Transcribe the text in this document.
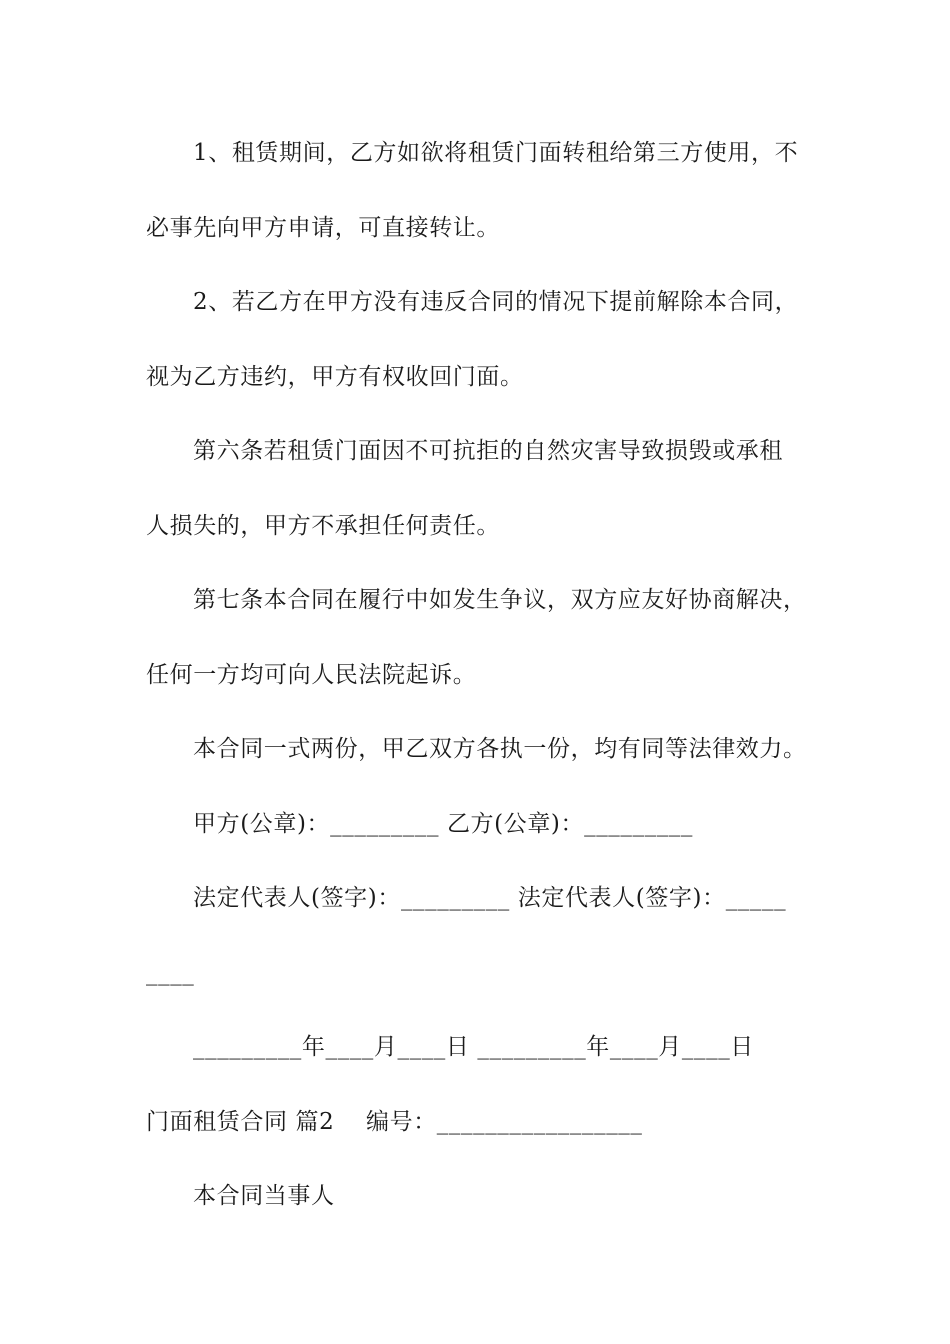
1、租赁期间，乙方如欲将租赁门面转租给第三方使用，不
必事先向甲方申请，可直接转让。
2、若乙方在甲方没有违反合同的情况下提前解除本合同，
视为乙方违约，甲方有权收回门面。
第六条若租赁门面因不可抗拒的自然灾害导致损毁或承租
人损失的，甲方不承担任何责任。
第七条本合同在履行中如发生争议，双方应友好协商解决，
任何一方均可向人民法院起诉。
本合同一式两份，甲乙双方各执一份，均有同等法律效力。
甲方(公章)：_________ 乙方(公章)：_________
法定代表人(签字)：_________ 法定代表人(签字)：_____
____
_________年____月____日 _________年____月____日
门面租赁合同 篇2    编号：_________________
本合同当事人
